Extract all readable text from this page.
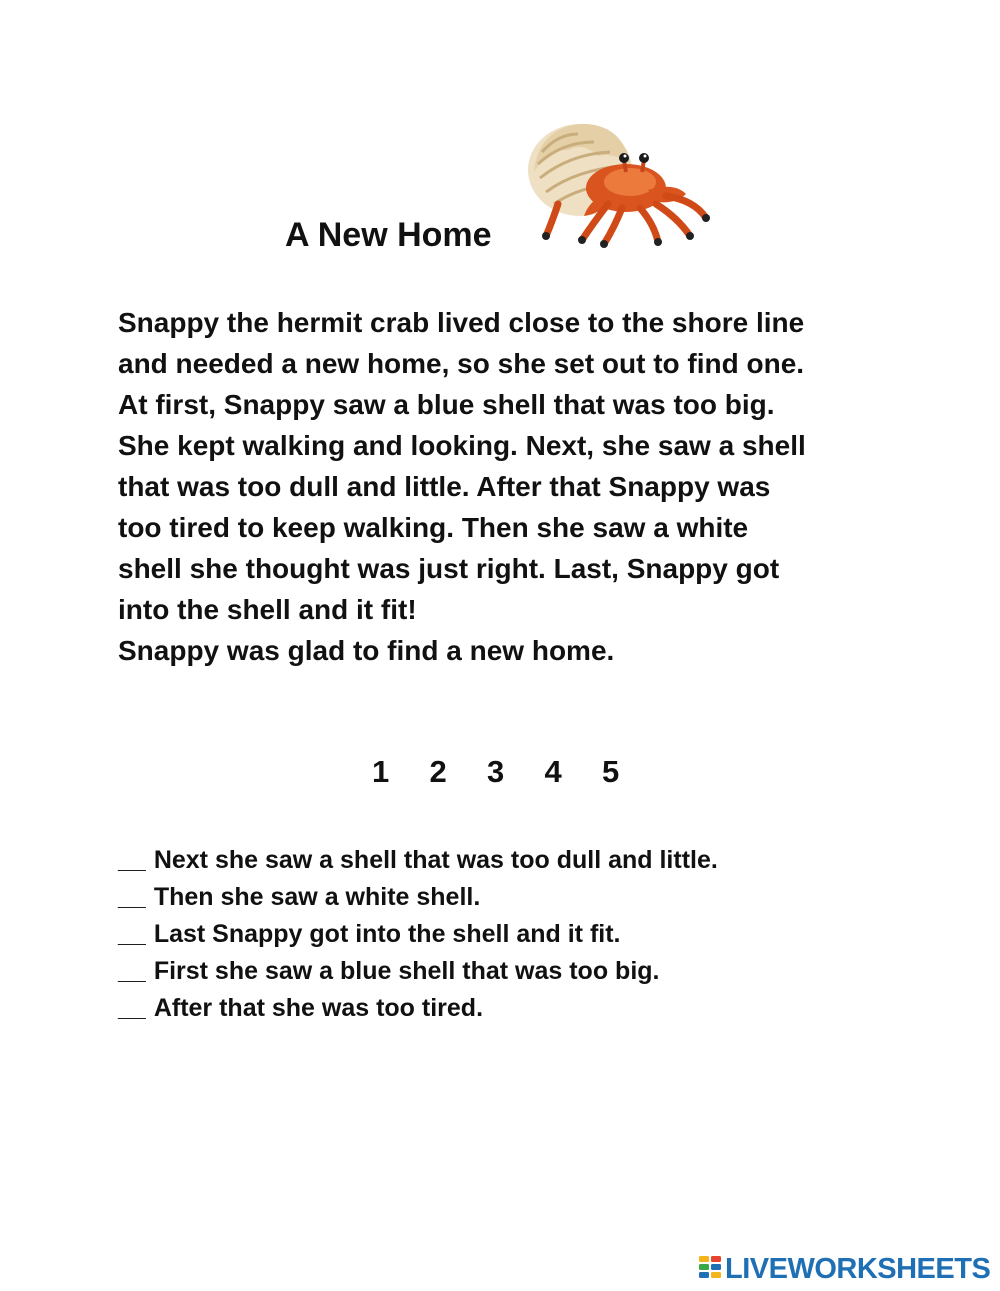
A New Home
Snappy the hermit crab lived close to the shore line
and needed a new home, so she set out to find one.
At first, Snappy saw a blue shell that was too big.
She kept walking and looking. Next, she saw a shell
that was too dull and little. After that Snappy was
too tired to keep walking. Then she saw a white
shell she thought was just right. Last, Snappy got
into the shell and it fit!
Snappy was glad to find a new home.
1	2	3	4	5
__ Next she saw a shell that was too dull and little.
__ Then she saw a white shell.
__ Last Snappy got into the shell and it fit.
__ First she saw a blue shell that was too big.
__ After that she was too tired.
LIVEWORKSHEETS
